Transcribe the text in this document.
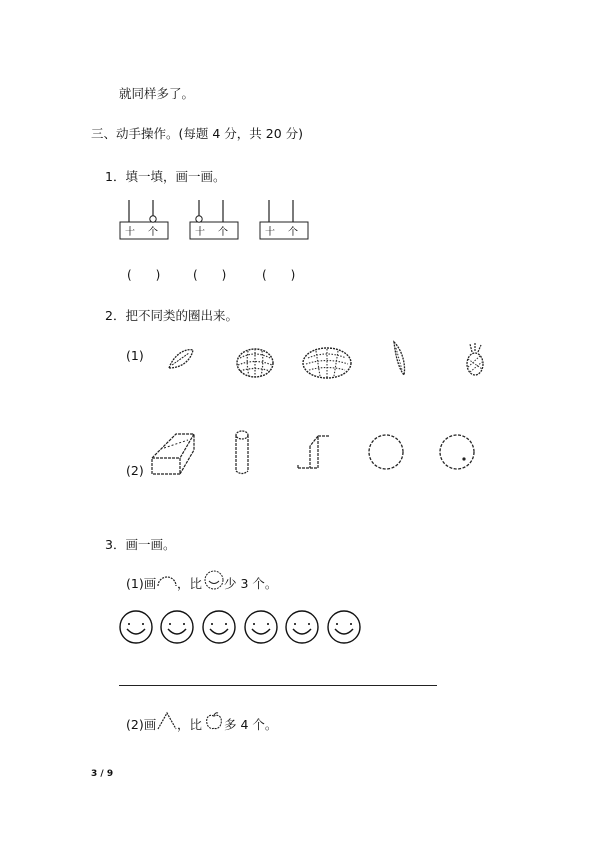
就同样多了。
三、动手操作。(每题 4 分，共 20 分)
1．填一填，画一画。
十 个	十 个	十 个
(　　)	(　　)	(　　)
2．把不同类的圈出来。
(1)
(2)
3．画一画。
(1)画 ，比 少 3 个。
(2)画 ，比 多 4 个。
3 / 9
